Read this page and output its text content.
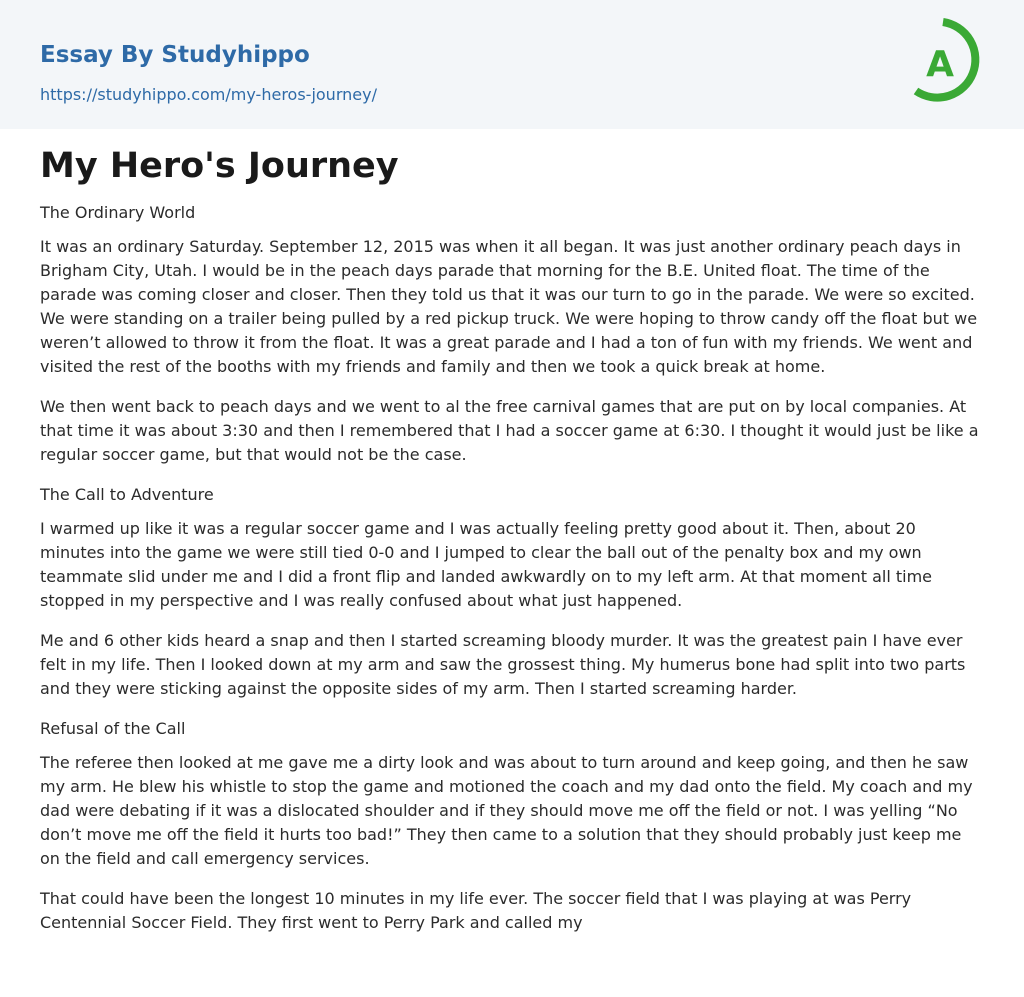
Essay By Studyhippo
https://studyhippo.com/my-heros-journey/
A
My Hero's Journey
The Ordinary World

It was an ordinary Saturday. September 12, 2015 was when it all began. It was just another ordinary peach days in Brigham City, Utah. I would be in the peach days parade that morning for the B.E. United float. The time of the parade was coming closer and closer. Then they told us that it was our turn to go in the parade. We were so excited. We were standing on a trailer being pulled by a red pickup truck. We were hoping to throw candy off the float but we weren’t allowed to throw it from the float. It was a great parade and I had a ton of fun with my friends. We went and visited the rest of the booths with my friends and family and then we took a quick break at home.

We then went back to peach days and we went to al the free carnival games that are put on by local companies. At that time it was about 3:30 and then I remembered that I had a soccer game at 6:30. I thought it would just be like a regular soccer game, but that would not be the case.

The Call to Adventure

I warmed up like it was a regular soccer game and I was actually feeling pretty good about it. Then, about 20 minutes into the game we were still tied 0-0 and I jumped to clear the ball out of the penalty box and my own teammate slid under me and I did a front flip and landed awkwardly on to my left arm. At that moment all time stopped in my perspective and I was really confused about what just happened.

Me and 6 other kids heard a snap and then I started screaming bloody murder. It was the greatest pain I have ever felt in my life. Then I looked down at my arm and saw the grossest thing. My humerus bone had split into two parts and they were sticking against the opposite sides of my arm. Then I started screaming harder.

Refusal of the Call

The referee then looked at me gave me a dirty look and was about to turn around and keep going, and then he saw my arm. He blew his whistle to stop the game and motioned the coach and my dad onto the field. My coach and my dad were debating if it was a dislocated shoulder and if they should move me off the field or not. I was yelling “No don’t move me off the field it hurts too bad!” They then came to a solution that they should probably just keep me on the field and call emergency services.

That could have been the longest 10 minutes in my life ever. The soccer field that I was playing at was Perry Centennial Soccer Field. They first went to Perry Park and called my
